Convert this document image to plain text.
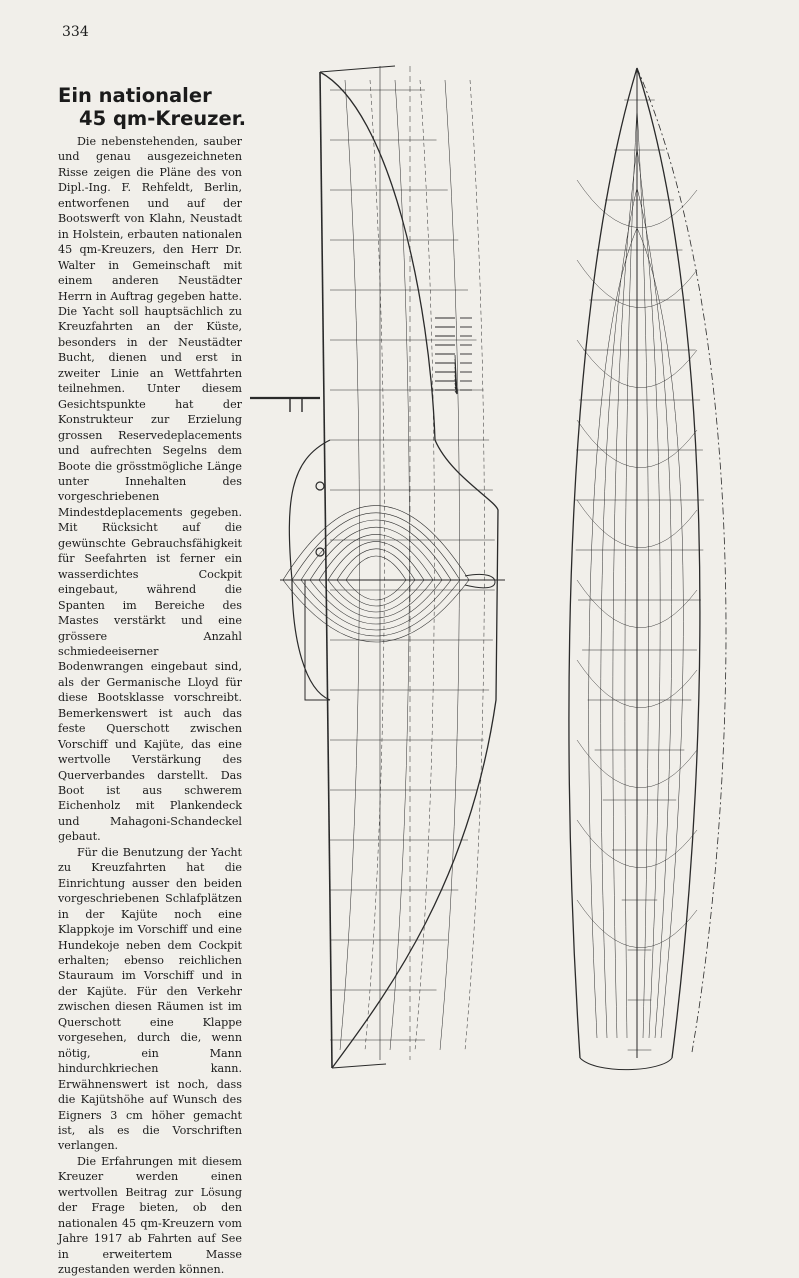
334
Ein nationaler
45 qm-Kreuzer.

Die nebenstehenden, sauber und genau ausgezeichneten Risse zeigen die Pläne des von Dipl.-Ing. F. Rehfeldt, Berlin, entworfenen und auf der Bootswerft von Klahn, Neustadt in Holstein, erbauten nationalen 45 qm-Kreuzers, den Herr Dr. Walter in Gemeinschaft mit einem anderen Neustädter Herrn in Auftrag gegeben hatte. Die Yacht soll hauptsächlich zu Kreuzfahrten an der Küste, besonders in der Neustädter Bucht, dienen und erst in zweiter Linie an Wettfahrten teilnehmen. Unter diesem Gesichtspunkte hat der Konstrukteur zur Erzielung grossen Reservedeplacements und aufrechten Segelns dem Boote die grösstmögliche Länge unter Innehalten des vorgeschriebenen Mindestdeplacements gegeben. Mit Rücksicht auf die gewünschte Gebrauchsfähigkeit für Seefahrten ist ferner ein wasserdichtes Cockpit eingebaut, während die Spanten im Bereiche des Mastes verstärkt und eine grössere Anzahl schmiedeeiserner Bodenwrangen eingebaut sind, als der Germanische Lloyd für diese Bootsklasse vorschreibt. Bemerkenswert ist auch das feste Querschott zwischen Vorschiff und Kajüte, das eine wertvolle Verstärkung des Querverbandes darstellt. Das Boot ist aus schwerem Eichenholz mit Plankendeck und Mahagoni-Schandeckel gebaut.

Für die Benutzung der Yacht zu Kreuzfahrten hat die Einrichtung ausser den beiden vorgeschriebenen Schlafplätzen in der Kajüte noch eine Klappkoje im Vorschiff und eine Hundekoje neben dem Cockpit erhalten; ebenso reichlichen Stauraum im Vorschiff und in der Kajüte. Für den Verkehr zwischen diesen Räumen ist im Querschott eine Klappe vorgesehen, durch die, wenn nötig, ein Mann hindurchkriechen kann. Erwähnenswert ist noch, dass die Kajütshöhe auf Wunsch des Eigners 3 cm höher gemacht ist, als es die Vorschriften verlangen.

Die Erfahrungen mit diesem Kreuzer werden einen wertvollen Beitrag zur Lösung der Frage bieten, ob den nationalen 45 qm-Kreuzern vom Jahre 1917 ab Fahrten auf See in erweitertem Masse zugestanden werden können.
